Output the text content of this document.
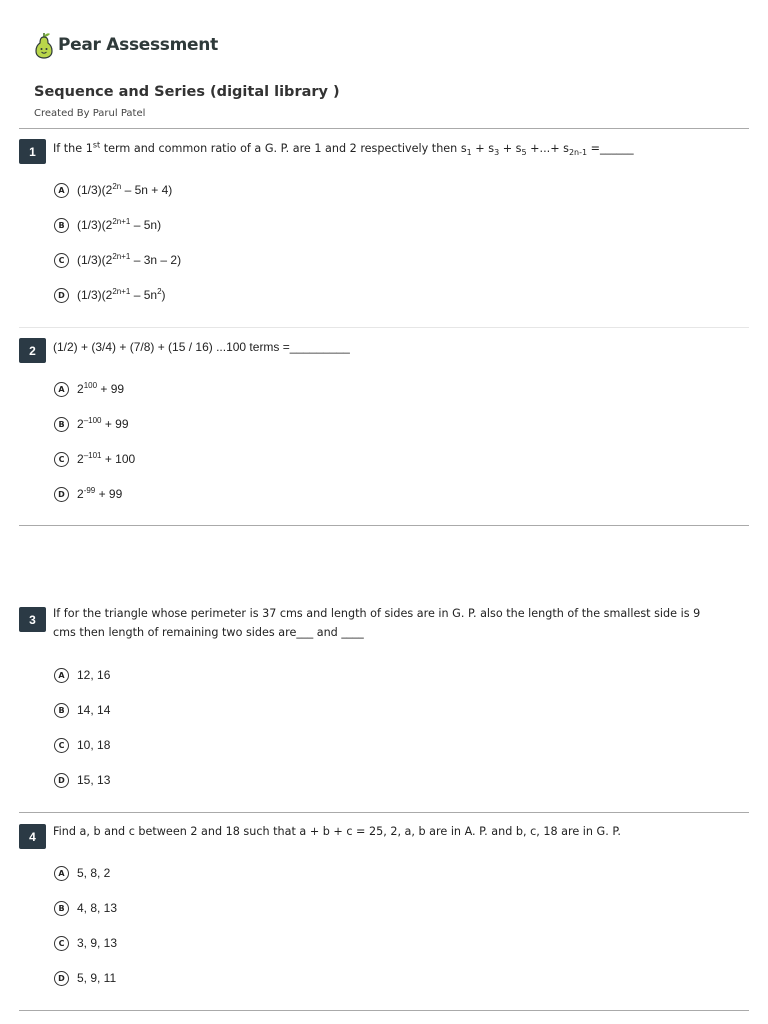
Pear Assessment
Sequence and Series (digital library )
Created By Parul Patel
1	If the 1st term and common ratio of a G. P. are 1 and 2 respectively then $s_1 + s_3 + s_5$ +...+ $s_{2n-1}$ =______
A	$(1/3)(2^{2n} - 5n + 4)$
B	$(1/3)(2^{2n+1} - 5n)$
C	$(1/3)(2^{2n+1} - 3n - 2)$
D	$(1/3)(2^{2n+1} - 5n^2)$
2	(1/2) + (3/4) + (7/8) + (15 / 16) ...100 terms =_________
A	$2^{100} + 99$
B	$2^{-100} + 99$
C	$2^{-101} + 100$
D	$2^{-99} + 99$
3	If for the triangle whose perimeter is 37 cms and length of sides are in G. P. also the length of the smallest side is 9
cms then length of remaining two sides are___ and ____
A	12, 16
B	14, 14
C	10, 18
D	15, 13
4	Find a, b and c between 2 and 18 such that a + b + c = 25, 2, a, b are in A. P. and b, c, 18 are in G. P.
A	5, 8, 2
B	4, 8, 13
C	3, 9, 13
D	5, 9, 11
